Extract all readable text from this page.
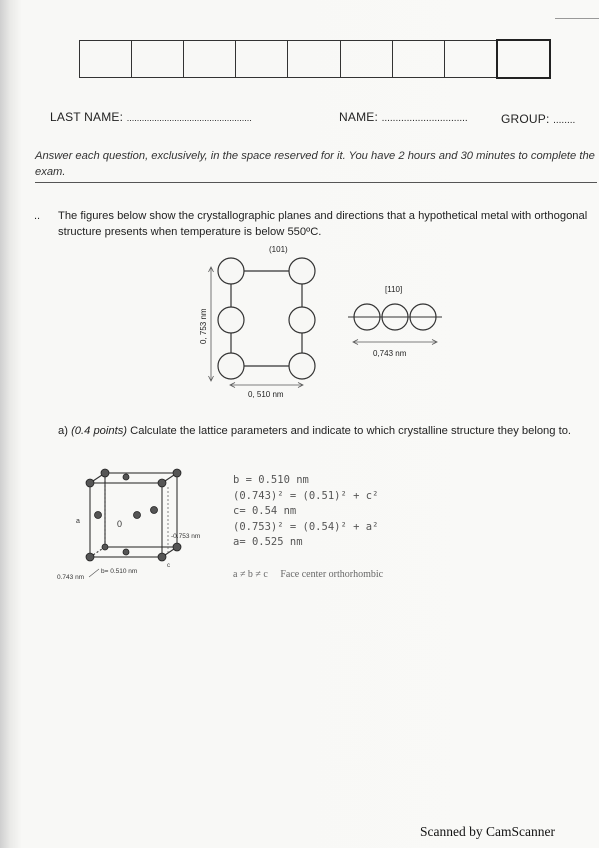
LAST NAME: ..................................................	NAME: ...............................	GROUP: ........
Answer each question, exclusively, in the space reserved for it. You have 2 hours and 30 minutes to complete the exam.
.. The figures below show the crystallographic planes and directions that a hypothetical metal with orthogonal structure presents when temperature is below 550ºC.
(101)
0, 753 nm
0, 510 nm
[110]
0,743 nm
a) (0.4 points) Calculate the lattice parameters and indicate to which crystalline structure they belong to.
a	0
c
-0.753 nm
b= 0.510 nm
0.743 nm
b = 0.510 nm
(0.743)² = (0.51)² + c²
c= 0.54 nm
(0.753)² = (0.54)² + a²
a= 0.525 nm
a ≠ b ≠ c Face center orthorhombic
Scanned by CamScanner
